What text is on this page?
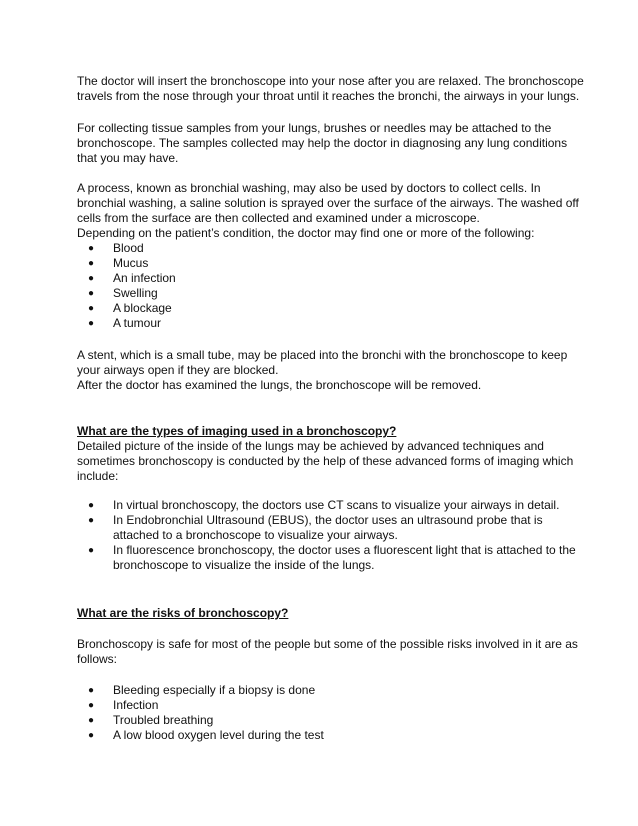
The doctor will insert the bronchoscope into your nose after you are relaxed. The bronchoscope
travels from the nose through your throat until it reaches the bronchi, the airways in your lungs.

For collecting tissue samples from your lungs, brushes or needles may be attached to the
bronchoscope. The samples collected may help the doctor in diagnosing any lung conditions
that you may have.

A process, known as bronchial washing, may also be used by doctors to collect cells. In
bronchial washing, a saline solution is sprayed over the surface of the airways. The washed off
cells from the surface are then collected and examined under a microscope.
Depending on the patient’s condition, the doctor may find one or more of the following:

● Blood
● Mucus
● An infection
● Swelling
● A blockage
● A tumour

A stent, which is a small tube, may be placed into the bronchi with the bronchoscope to keep
your airways open if they are blocked.
After the doctor has examined the lungs, the bronchoscope will be removed.

What are the types of imaging used in a bronchoscopy?
Detailed picture of the inside of the lungs may be achieved by advanced techniques and
sometimes bronchoscopy is conducted by the help of these advanced forms of imaging which
include:

● In virtual bronchoscopy, the doctors use CT scans to visualize your airways in detail.
● In Endobronchial Ultrasound (EBUS), the doctor uses an ultrasound probe that is
attached to a bronchoscope to visualize your airways.
● In fluorescence bronchoscopy, the doctor uses a fluorescent light that is attached to the
bronchoscope to visualize the inside of the lungs.

What are the risks of bronchoscopy?

Bronchoscopy is safe for most of the people but some of the possible risks involved in it are as
follows:

● Bleeding especially if a biopsy is done
● Infection
● Troubled breathing
● A low blood oxygen level during the test
